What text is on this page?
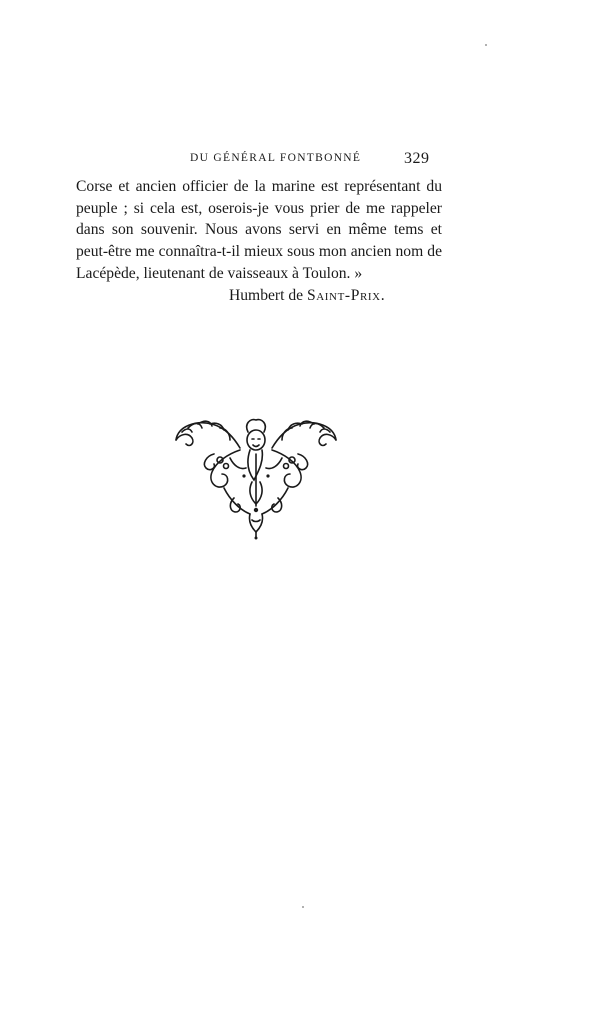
DU GÉNÉRAL FONTBONNÉ	329
Corse et ancien officier de la marine est représentant du
peuple ; si cela est, oserois-je vous prier de me rappeler
dans son souvenir. Nous avons servi en même tems et
peut-être me connaîtra-t-il mieux sous mon ancien nom de
Lacépède, lieutenant de vaisseaux à Toulon. »
Humbert de Saint-Prix.
